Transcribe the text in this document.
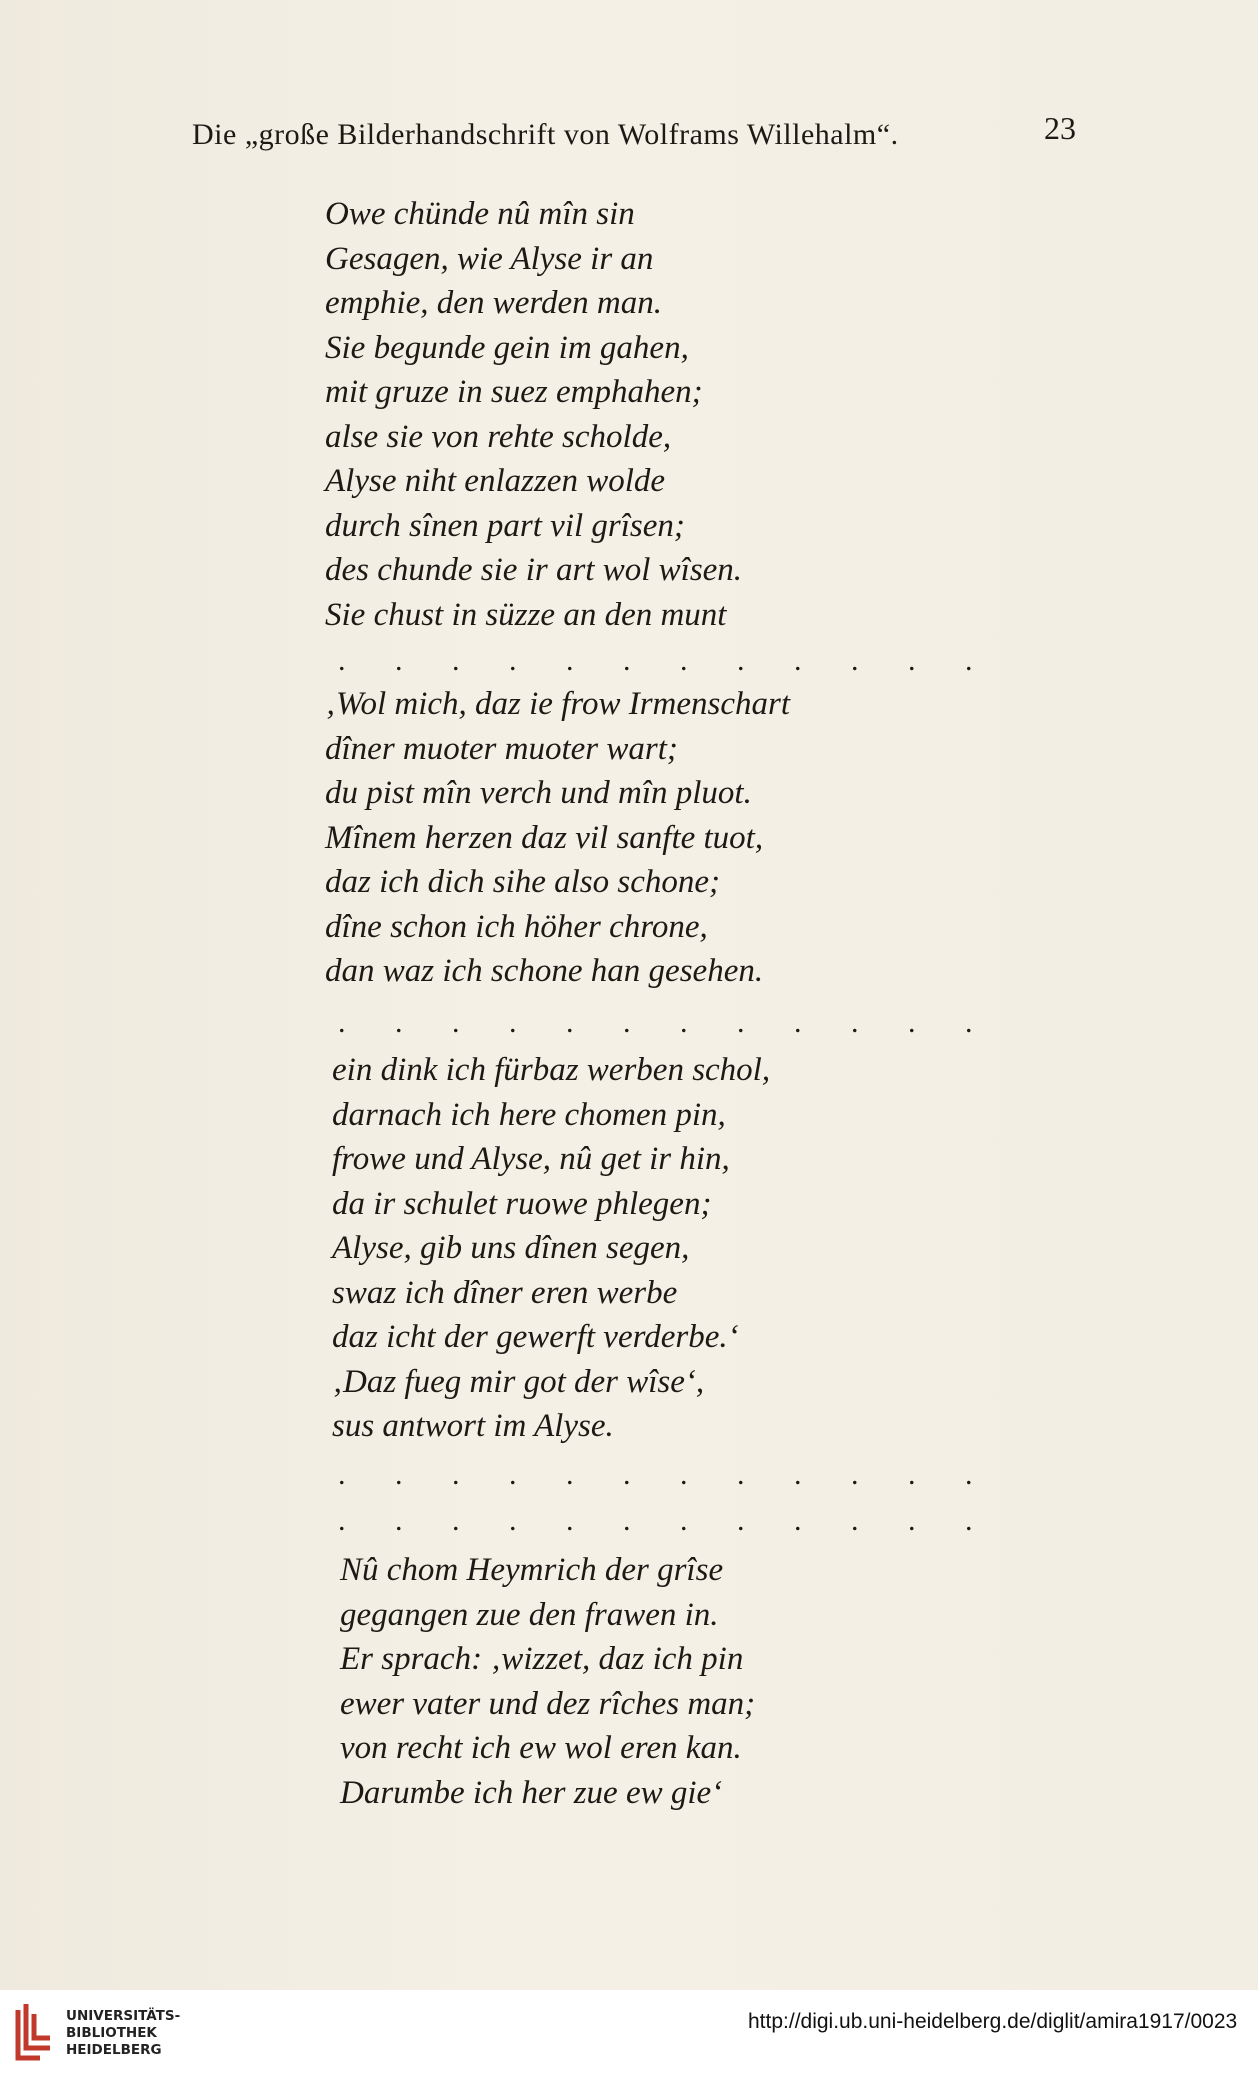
Die „große Bilderhandschrift von Wolframs Willehalm“.	23
Owe chünde nû mîn sin
Gesagen, wie Alyse ir an
emphie, den werden man.
Sie begunde gein im gahen,
mit gruze in suez emphahen;
alse sie von rehte scholde,
Alyse niht enlazzen wolde
durch sînen part vil grîsen;
des chunde sie ir art wol wîsen.
Sie chust in süzze an den munt
. . . . . . . . . . . .
‚Wol mich, daz ie frow Irmenschart
dîner muoter muoter wart;
du pist mîn verch und mîn pluot.
Mînem herzen daz vil sanfte tuot,
daz ich dich sihe also schone;
dîne schon ich höher chrone,
dan waz ich schone han gesehen.
. . . . . . . . . . . .
ein dink ich fürbaz werben schol,
darnach ich here chomen pin,
frowe und Alyse, nû get ir hin,
da ir schulet ruowe phlegen;
Alyse, gib uns dînen segen,
swaz ich dîner eren werbe
daz icht der gewerft verderbe.‘
‚Daz fueg mir got der wîse‘,
sus antwort im Alyse.
. . . . . . . . . . . .
. . . . . . . . . . . .
Nû chom Heymrich der grîse
gegangen zue den frawen in.
Er sprach: ‚wizzet, daz ich pin
ewer vater und dez rîches man;
von recht ich ew wol eren kan.
Darumbe ich her zue ew gie‘
UNIVERSITÄTS-
BIBLIOTHEK
HEIDELBERG
http://digi.ub.uni-heidelberg.de/diglit/amira1917/0023
